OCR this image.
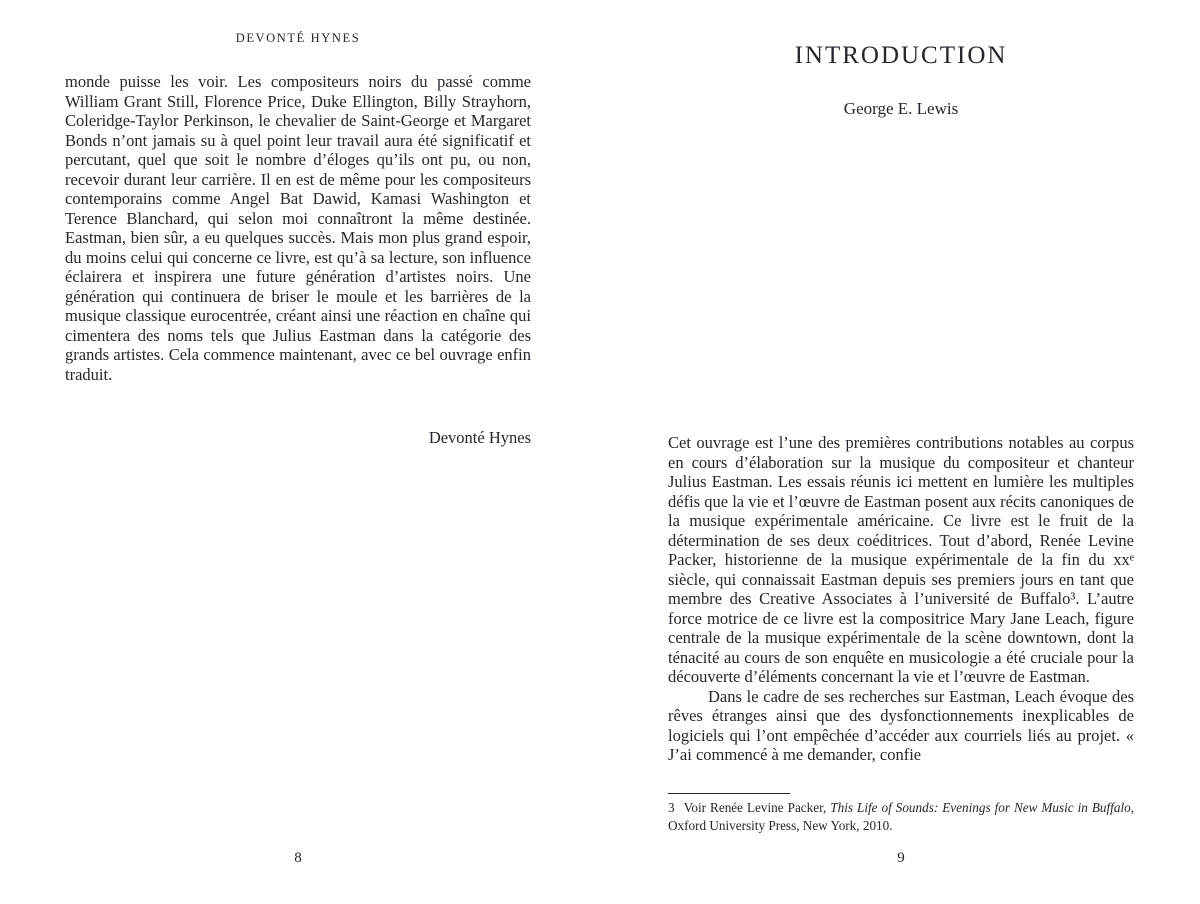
DEVONTÉ HYNES

monde puisse les voir. Les compositeurs noirs du passé comme William Grant Still, Florence Price, Duke Ellington, Billy Strayhorn, Coleridge-Taylor Perkinson, le chevalier de Saint-George et Margaret Bonds n’ont jamais su à quel point leur travail aura été significatif et percutant, quel que soit le nombre d’éloges qu’ils ont pu, ou non, recevoir durant leur carrière. Il en est de même pour les compositeurs contemporains comme Angel Bat Dawid, Kamasi Washington et Terence Blanchard, qui selon moi connaîtront la même destinée. Eastman, bien sûr, a eu quelques succès. Mais mon plus grand espoir, du moins celui qui concerne ce livre, est qu’à sa lecture, son influence éclairera et inspirera une future génération d’artistes noirs. Une génération qui continuera de briser le moule et les barrières de la musique classique eurocentrée, créant ainsi une réaction en chaîne qui cimentera des noms tels que Julius Eastman dans la catégorie des grands artistes. Cela commence maintenant, avec ce bel ouvrage enfin traduit.

Devonté Hynes
8
INTRODUCTION
George E. Lewis

Cet ouvrage est l’une des premières contributions notables au corpus en cours d’élaboration sur la musique du compositeur et chanteur Julius Eastman. Les essais réunis ici mettent en lumière les multiples défis que la vie et l’œuvre de Eastman posent aux récits canoniques de la musique expérimentale américaine. Ce livre est le fruit de la détermination de ses deux coéditrices. Tout d’abord, Renée Levine Packer, historienne de la musique expérimentale de la fin du xxᵉ siècle, qui connaissait Eastman depuis ses premiers jours en tant que membre des Creative Associates à l’université de Buffalo³. L’autre force motrice de ce livre est la compositrice Mary Jane Leach, figure centrale de la musique expérimentale de la scène downtown, dont la ténacité au cours de son enquête en musicologie a été cruciale pour la découverte d’éléments concernant la vie et l’œuvre de Eastman.

Dans le cadre de ses recherches sur Eastman, Leach évoque des rêves étranges ainsi que des dysfonctionnements inexplicables de logiciels qui l’ont empêchée d’accéder aux courriels liés au projet. « J’ai commencé à me demander, confie

3 Voir Renée Levine Packer, This Life of Sounds: Evenings for New Music in Buffalo, Oxford University Press, New York, 2010.

9
